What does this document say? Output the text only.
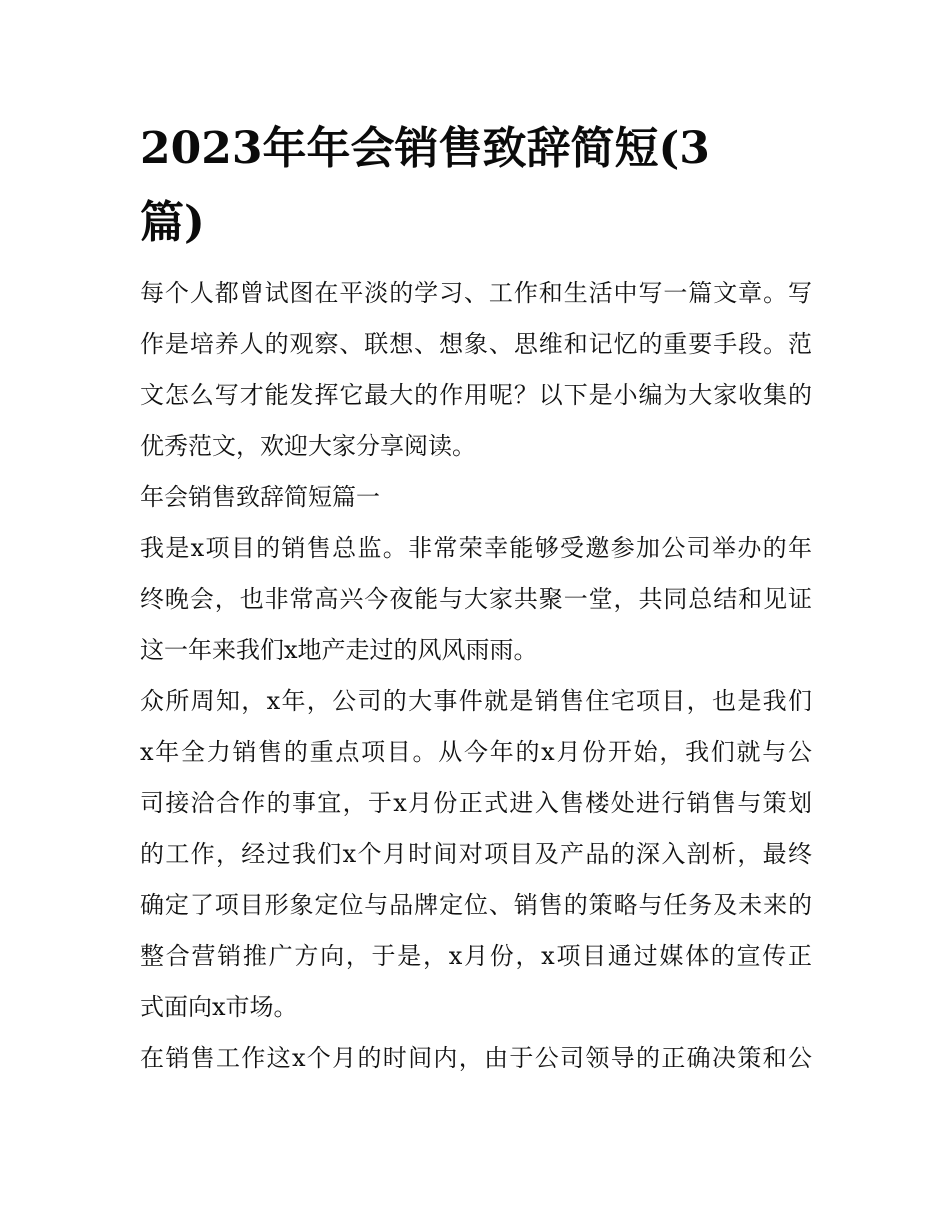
2023年年会销售致辞简短(3
篇)

每个人都曾试图在平淡的学习、工作和生活中写一篇文章。写
作是培养人的观察、联想、想象、思维和记忆的重要手段。范
文怎么写才能发挥它最大的作用呢？以下是小编为大家收集的
优秀范文，欢迎大家分享阅读。

年会销售致辞简短篇一

我是x项目的销售总监。非常荣幸能够受邀参加公司举办的年
终晚会，也非常高兴今夜能与大家共聚一堂，共同总结和见证
这一年来我们x地产走过的风风雨雨。

众所周知，x年，公司的大事件就是销售住宅项目，也是我们
x年全力销售的重点项目。从今年的x月份开始，我们就与公
司接洽合作的事宜，于x月份正式进入售楼处进行销售与策划
的工作，经过我们x个月时间对项目及产品的深入剖析，最终
确定了项目形象定位与品牌定位、销售的策略与任务及未来的
整合营销推广方向，于是，x月份，x项目通过媒体的宣传正
式面向x市场。

在销售工作这x个月的时间内，由于公司领导的正确决策和公
